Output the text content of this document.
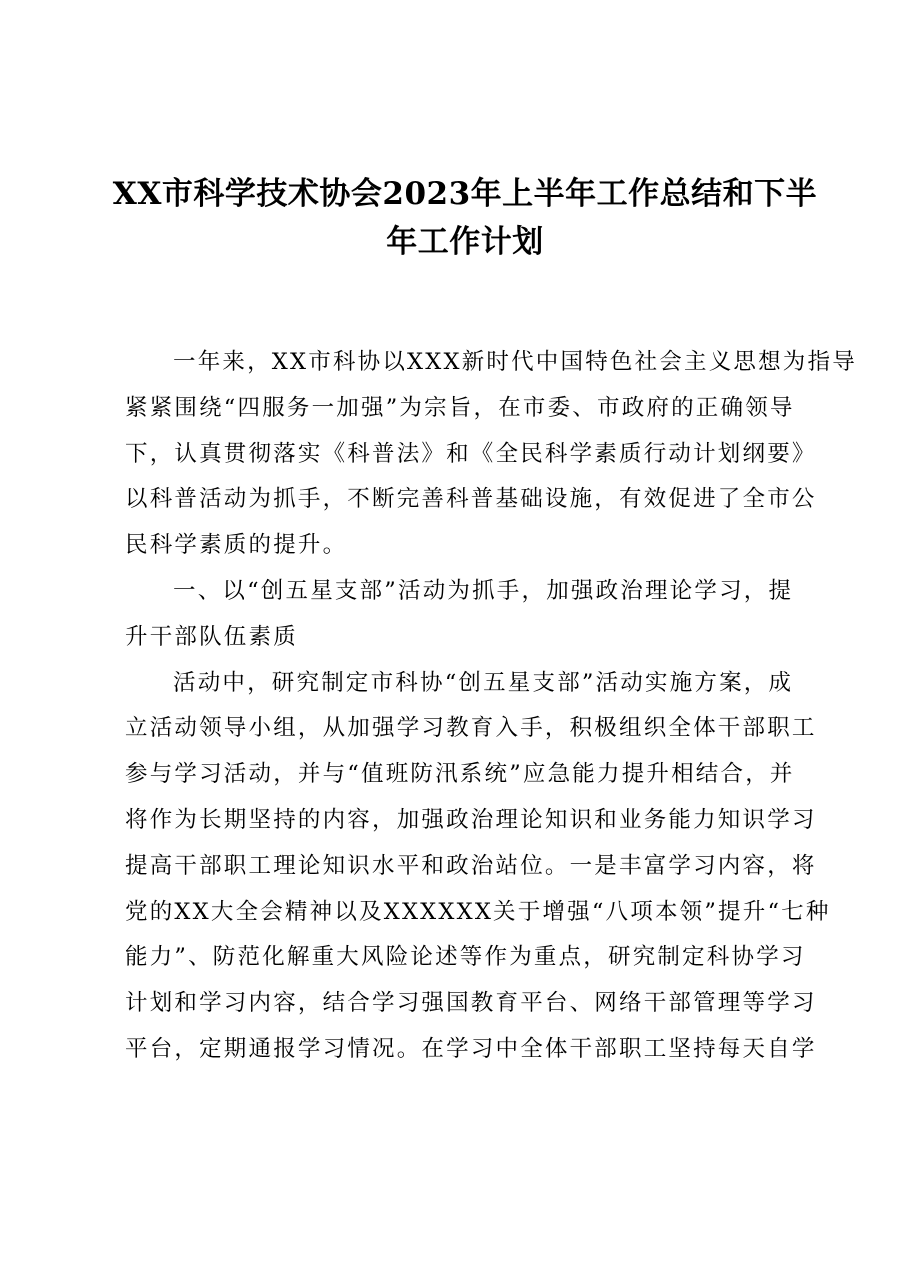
XX市科学技术协会2023年上半年工作总结和下半
年工作计划
一年来，XX市科协以XXX新时代中国特色社会主义思想为指导
紧紧围绕“四服务一加强”为宗旨，在市委、市政府的正确领导
下，认真贯彻落实《科普法》和《全民科学素质行动计划纲要》
以科普活动为抓手，不断完善科普基础设施，有效促进了全市公
民科学素质的提升。
一、以“创五星支部”活动为抓手，加强政治理论学习，提
升干部队伍素质
活动中，研究制定市科协“创五星支部”活动实施方案，成
立活动领导小组，从加强学习教育入手，积极组织全体干部职工
参与学习活动，并与“值班防汛系统”应急能力提升相结合，并
将作为长期坚持的内容，加强政治理论知识和业务能力知识学习
提高干部职工理论知识水平和政治站位。一是丰富学习内容，将
党的XX大全会精神以及XXXXXX关于增强“八项本领”提升“七种
能力”、防范化解重大风险论述等作为重点，研究制定科协学习
计划和学习内容，结合学习强国教育平台、网络干部管理等学习
平台，定期通报学习情况。在学习中全体干部职工坚持每天自学
